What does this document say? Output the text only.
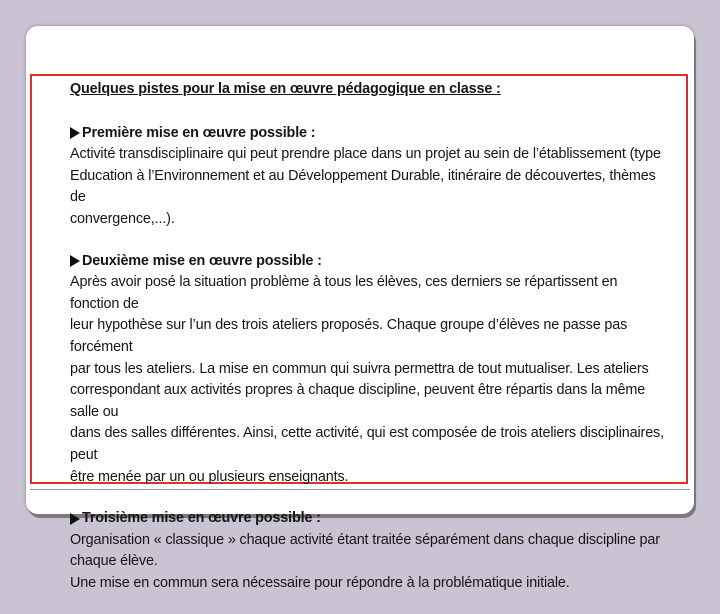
Quelques pistes pour la mise en œuvre pédagogique en classe :
Première mise en œuvre possible :
Activité transdisciplinaire qui peut prendre place dans un projet au sein de l’établissement (type
Education à l’Environnement et au Développement Durable, itinéraire de découvertes, thèmes de
convergence,...).
Deuxième mise en œuvre possible :
Après avoir posé la situation problème à tous les élèves, ces derniers se répartissent en fonction de
leur hypothèse sur l’un des trois ateliers proposés. Chaque groupe d’élèves ne passe pas forcément
par tous les ateliers. La mise en commun qui suivra permettra de tout mutualiser. Les ateliers
correspondant aux activités propres à chaque discipline, peuvent être répartis dans la même salle ou
dans des salles différentes. Ainsi, cette activité, qui est composée de trois ateliers disciplinaires, peut
être menée par un ou plusieurs enseignants.
Troisième mise en œuvre possible :
Organisation « classique » chaque activité étant traitée séparément dans chaque discipline par
chaque élève.
Une mise en commun sera nécessaire pour répondre à la problématique initiale.
